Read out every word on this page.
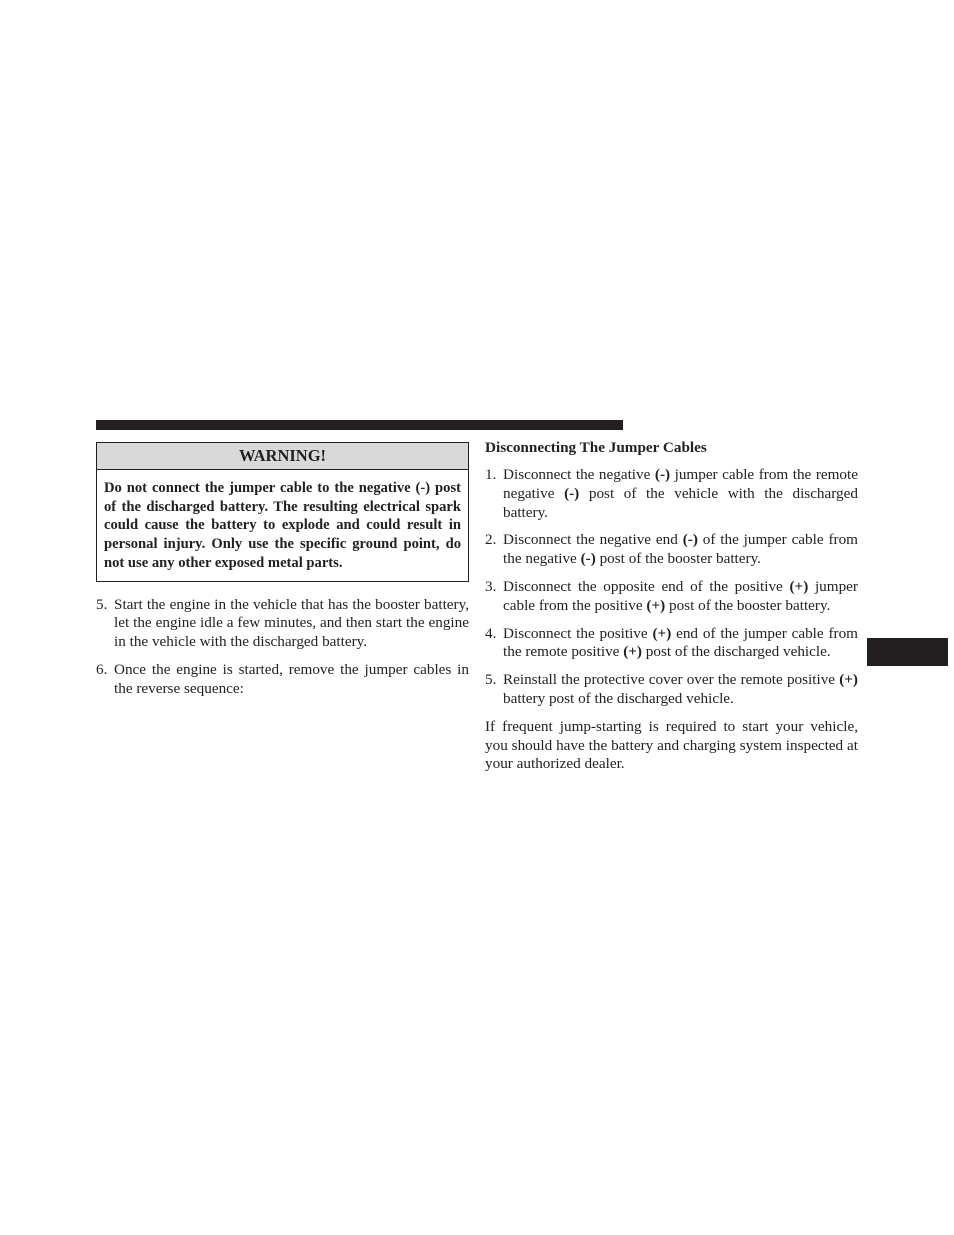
WARNING!
Do not connect the jumper cable to the negative (-) post of the discharged battery. The resulting electrical spark could cause the battery to explode and could result in personal injury. Only use the specific ground point, do not use any other exposed metal parts.
5. Start the engine in the vehicle that has the booster battery, let the engine idle a few minutes, and then start the engine in the vehicle with the discharged battery.
6. Once the engine is started, remove the jumper cables in the reverse sequence:
Disconnecting The Jumper Cables
1. Disconnect the negative (-) jumper cable from the remote negative (-) post of the vehicle with the discharged battery.
2. Disconnect the negative end (-) of the jumper cable from the negative (-) post of the booster battery.
3. Disconnect the opposite end of the positive (+) jumper cable from the positive (+) post of the booster battery.
4. Disconnect the positive (+) end of the jumper cable from the remote positive (+) post of the discharged vehicle.
5. Reinstall the protective cover over the remote positive (+) battery post of the discharged vehicle.

If frequent jump-starting is required to start your vehicle, you should have the battery and charging system inspected at your authorized dealer.
